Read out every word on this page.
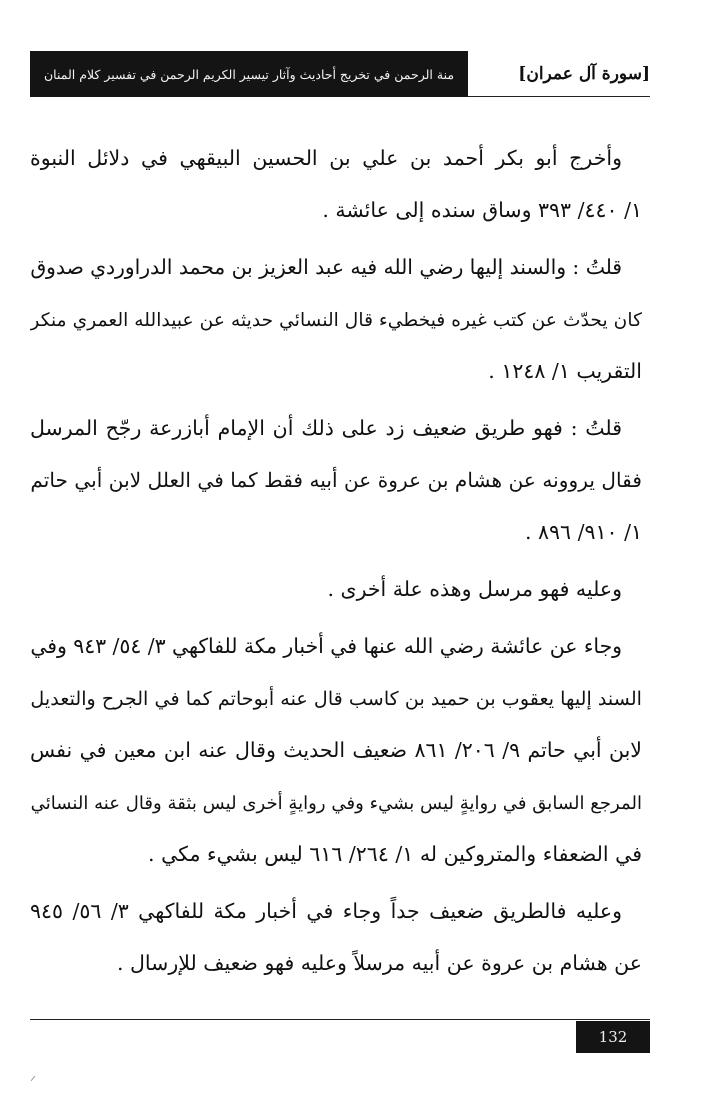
منة الرحمن في تخريج أحاديث وآثار تيسير الكريم الرحمن في تفسير كلام المنان	[سورة آل عمران]
وأخرج أبو بكر أحمد بن علي بن الحسين البيقهي في دلائل النبوة
١/ ٤٤٠/ ٣٩٣ وساق سنده إلى عائشة .
قلتُ : والسند إليها رضي الله فيه عبد العزيز بن محمد الدراوردي صدوق
كان يحدّث عن كتب غيره فيخطيء قال النسائي حديثه عن عبيدالله العمري منكر
التقريب ١/ ١٢٤٨ .
قلتُ : فهو طريق ضعيف زد على ذلك أن الإمام أبازرعة رجّح المرسل
فقال يروونه عن هشام بن عروة عن أبيه فقط كما في العلل لابن أبي حاتم
١/ ٩١٠/ ٨٩٦ .
وعليه فهو مرسل وهذه علة أخرى .
وجاء عن عائشة رضي الله عنها في أخبار مكة للفاكهي ٣/ ٥٤/ ٩٤٣ وفي
السند إليها يعقوب بن حميد بن كاسب قال عنه أبوحاتم كما في الجرح والتعديل
لابن أبي حاتم ٩/ ٢٠٦/ ٨٦١ ضعيف الحديث وقال عنه ابن معين في نفس
المرجع السابق في روايةٍ ليس بشيء وفي روايةٍ أخرى ليس بثقة وقال عنه النسائي
في الضعفاء والمتروكين له ١/ ٢٦٤/ ٦١٦ ليس بشيء مكي .
وعليه فالطريق ضعيف جداً وجاء في أخبار مكة للفاكهي ٣/ ٥٦/ ٩٤٥
عن هشام بن عروة عن أبيه مرسلاً وعليه فهو ضعيف للإرسال .
132
